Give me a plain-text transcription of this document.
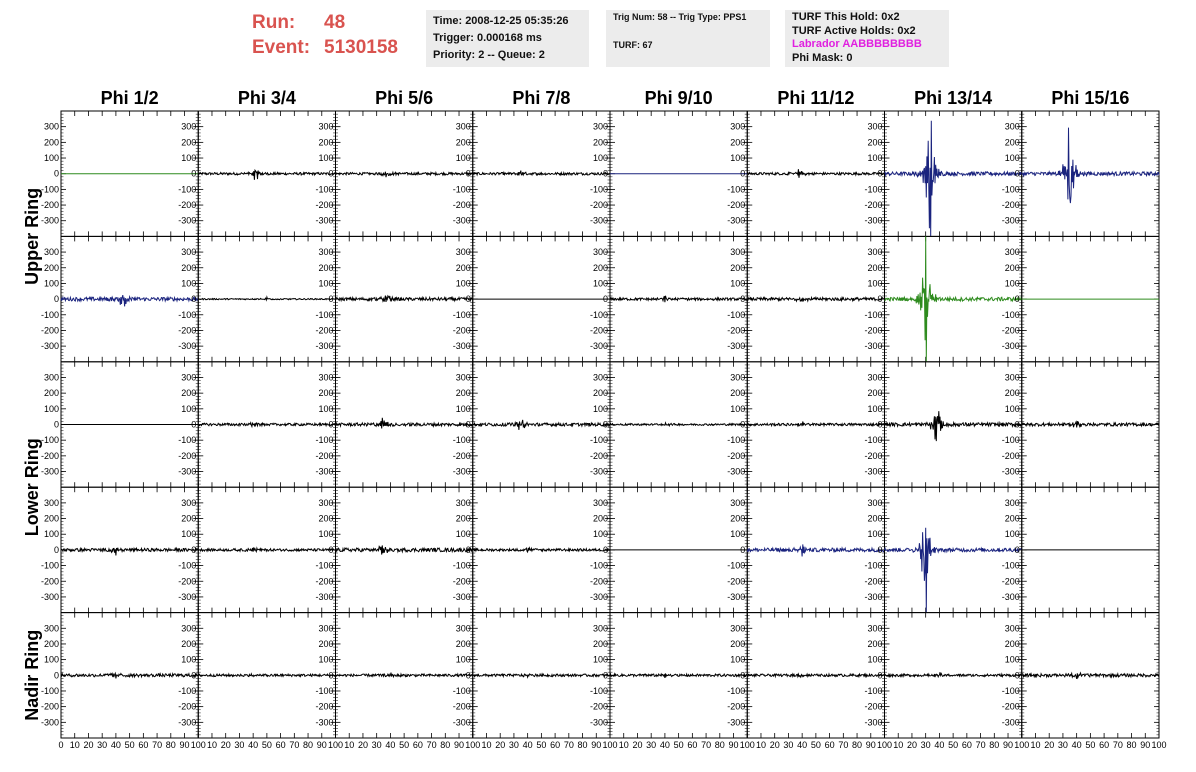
Run: 48
Event: 5130158
Time: 2008-12-25 05:35:26
Trigger: 0.000168 ms
Priority: 2 -- Queue: 2
Trig Num: 58 -- Trig Type: PPS1
TURF: 67
TURF This Hold: 0x2
TURF Active Holds: 0x2
Labrador AABBBBBBBB
Phi Mask: 0
Phi 1/2	Phi 3/4	Phi 5/6	Phi 7/8	Phi 9/10	Phi 11/12	Phi 13/14	Phi 15/16
Upper Ring
Lower Ring
Nadir Ring
300
200
100
0
-100
-200
-300
300
200
100
0
-100
-200
-300
300
200
100
0
-100
-200
-300
300
200
100
0
-100
-200
-300
300
200
100
0
-100
-200
-300
300
200
100
0
-100
-200
-300
300
200
100
0
-100
-200
-300
300
200
100
0
-100
-200
-300
300
200
100
0
-100
-200
-300
300
200
100
0
-100
-200
-300
300
200
100
0
-100
-200
-300
300
200
100
0
-100
-200
-300
300
200
100
0
-100
-200
-300
300
200
100
0
-100
-200
-300
300
200
100
0
-100
-200
-300
300
200
100
0
-100
-200
-300
300
200
100
0
-100
-200
-300
300
200
100
0
-100
-200
-300
300
200
100
0
-100
-200
-300
300
200
100
0
-100
-200
-300
300
200
100
0
-100
-200
-300
300
200
100
0
-100
-200
-300
300
200
100
0
-100
-200
-300
300
200
100
0
-100
-200
-300
300
200
100
0
-100
-200
-300
300
200
100
0
-100
-200
-300
300
200
100
0
-100
-200
-300
300
200
100
0
-100
-200
-300
300
200
100
0
-100
-200
-300
300
200
100
0
-100
-200
-300
300
200
100
0
-100
-200
-300
300
200
100
0
-100
-200
-300
300
200
100
0
-100
-200
-300
300
200
100
0
-100
-200
-300
300
200
100
0
-100
-200
-300
300
200
100
0
-100
-200
-300
300
200
100
0
-100
-200
-300
300
200
100
0
-100
-200
-300
300
200
100
0
-100
-200
-300
300
200
100
0
-100
-200
-300
0 10 20 30 40 50 60 70 80 90 100 10 20 30 40 50 60 70 80 90 100 10 20 30 40 50 60 70 80 90 100 10 20 30 40 50 60 70 80 90 100 10 20 30 40 50 60 70 80 90 100 10 20 30 40 50 60 70 80 90 100 10 20 30 40 50 60 70 80 90 100 10 20 30 40 50 60 70 80 90 100
